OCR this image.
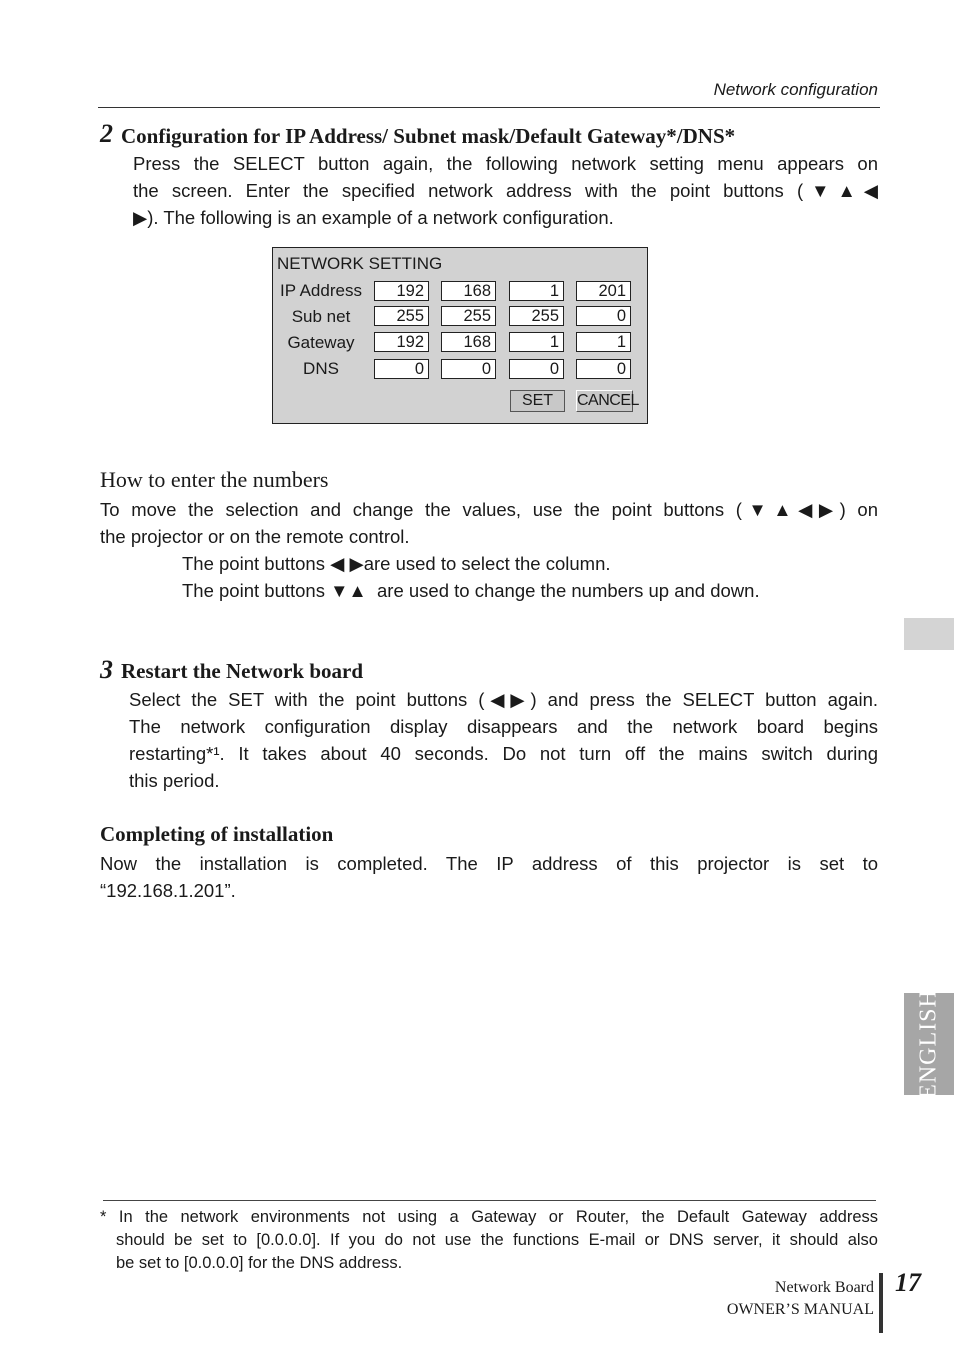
Network configuration
2 Configuration for IP Address/ Subnet mask/Default Gateway*/DNS*
Press the SELECT button again, the following network setting menu appears on
the screen. Enter the specified network address with the point buttons (▼▲◀
▶). The following is an example of a network configuration.
NETWORK SETTING
IP Address	192	168	1	201
Sub net	255	255	255	0
Gateway	192	168	1	1
DNS	0	0	0	0
SET	CANCEL
How to enter the numbers
To move the selection and change the values, use the point buttons (▼▲◀▶) on
the projector or on the remote control.
The point buttons ◀ ▶are used to select the column.
The point buttons ▼▲  are used to change the numbers up and down.
3 Restart the Network board
Select the SET with the point buttons (◀▶) and press the SELECT button again.
The network configuration display disappears and the network board begins
restarting*¹. It takes about 40 seconds. Do not turn off the mains switch during
this period.
Completing of installation
Now the installation is completed. The IP address of this projector is set to
“192.168.1.201”.
ENGLISH
* In the network environments not using a Gateway or Router, the Default Gateway address
should be set to [0.0.0.0]. If you do not use the functions E-mail or DNS server, it should also
be set to [0.0.0.0] for the DNS address.
Network Board
OWNER’S MANUAL
17
